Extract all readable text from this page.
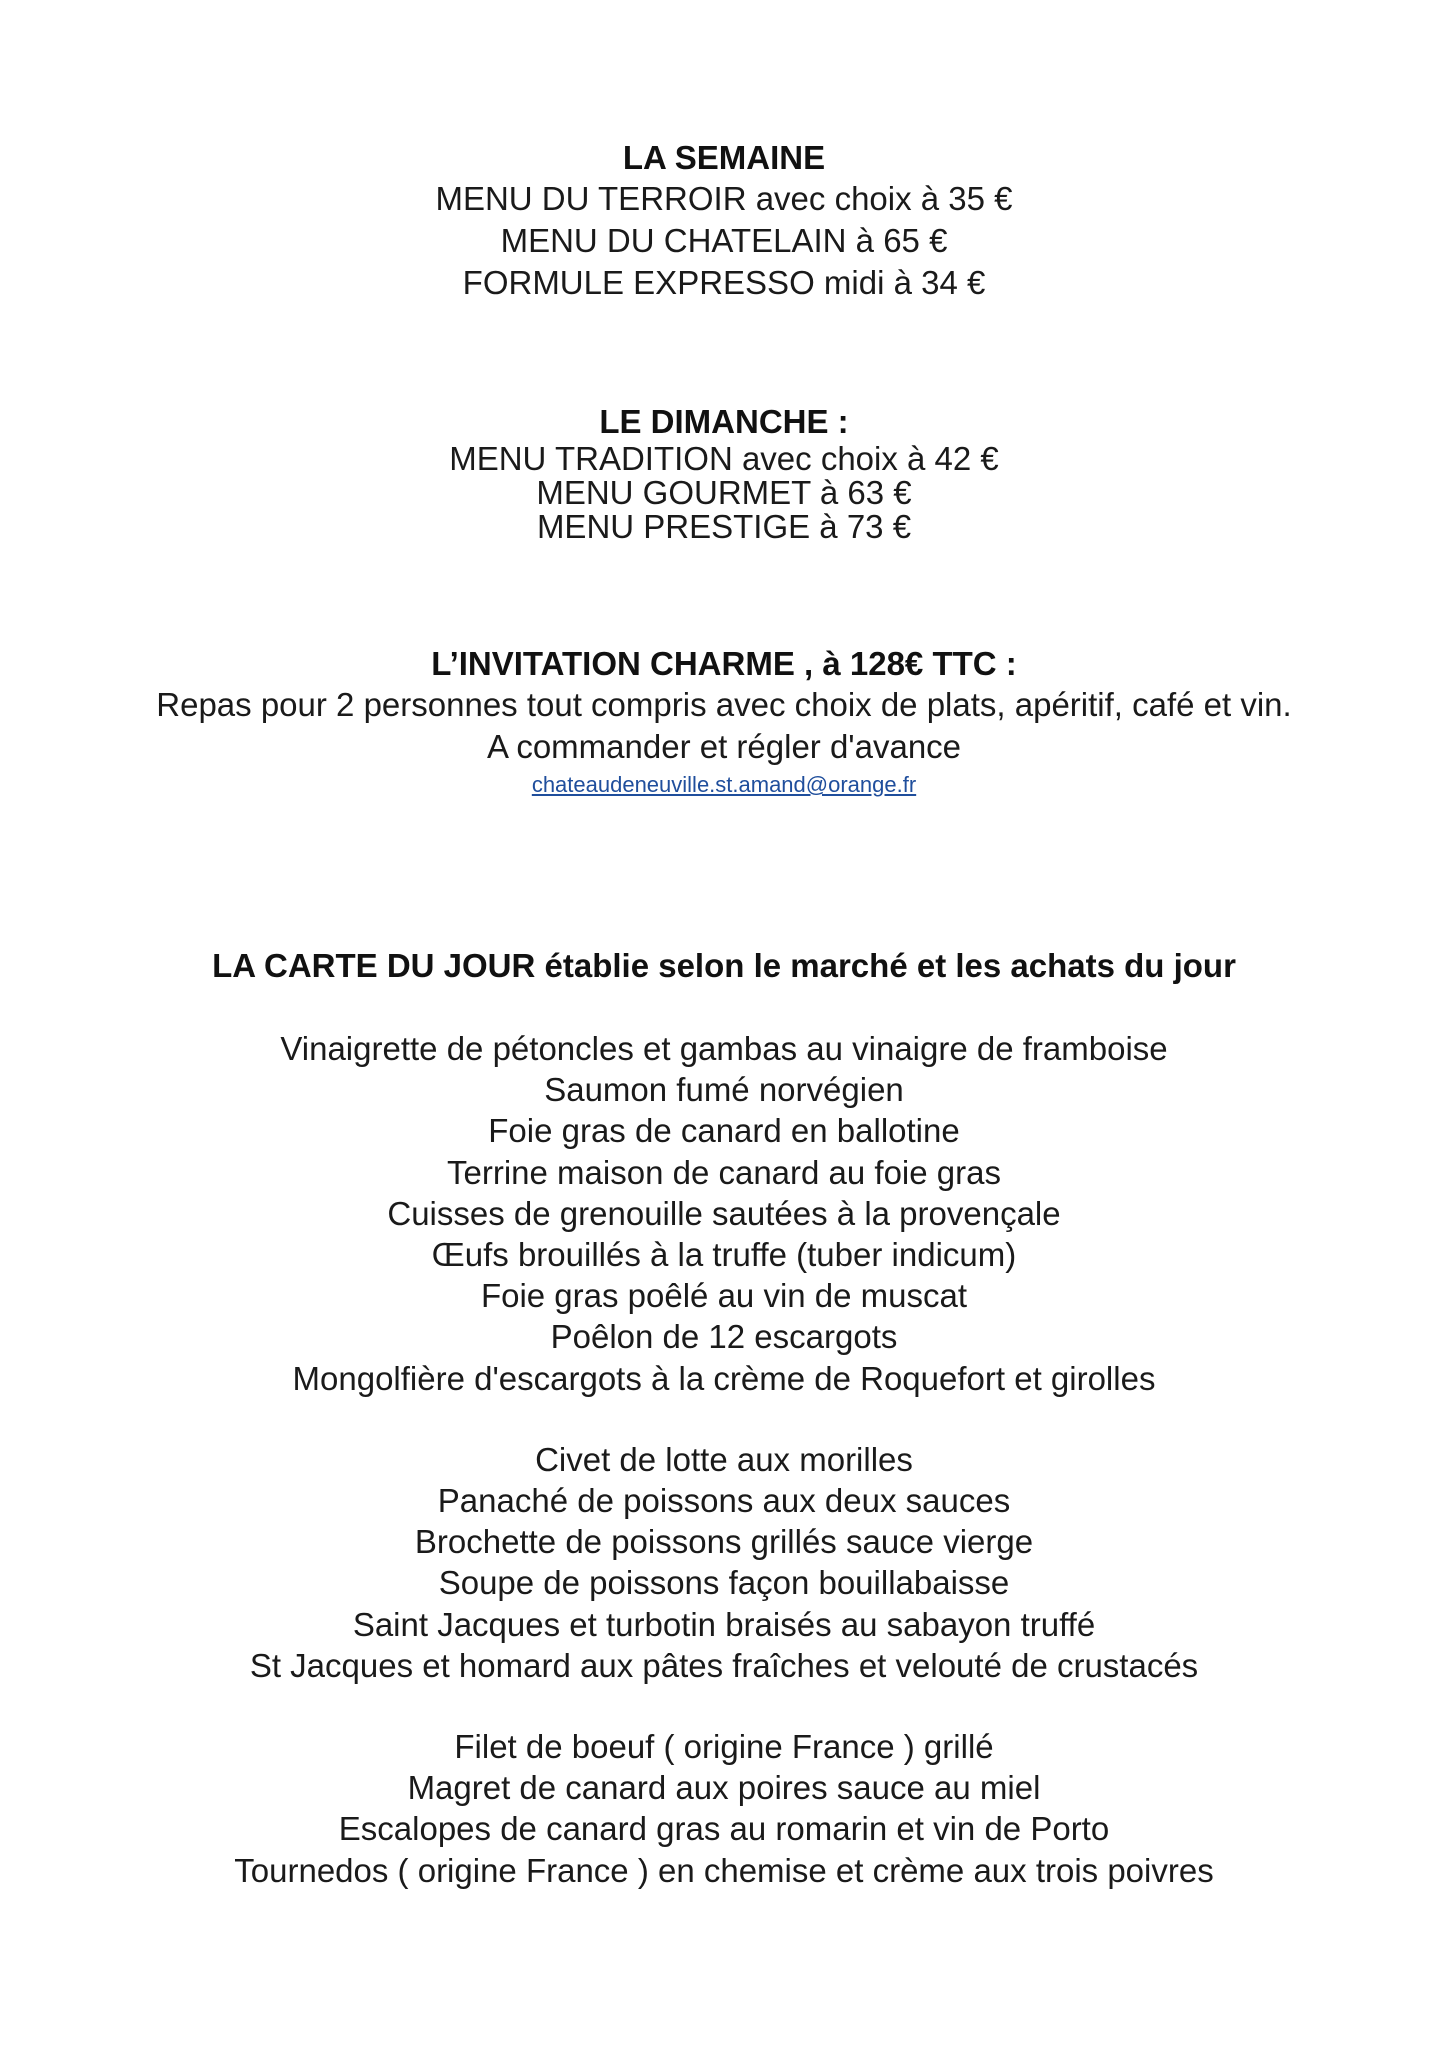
LA SEMAINE
MENU DU TERROIR avec choix à 35 €
MENU DU CHATELAIN à 65 €
FORMULE EXPRESSO midi à 34 €
LE DIMANCHE :
MENU TRADITION avec choix à 42 €
MENU GOURMET à 63 €
MENU PRESTIGE à 73 €
L’INVITATION CHARME , à 128€ TTC :
Repas pour 2 personnes tout compris avec choix de plats, apéritif, café et vin.
A commander et régler d'avance
chateaudeneuville.st.amand@orange.fr
LA CARTE DU JOUR établie selon le marché et les achats du jour
Vinaigrette de pétoncles et gambas au vinaigre de framboise
Saumon fumé norvégien
Foie gras de canard en ballotine
Terrine maison de canard au foie gras
Cuisses de grenouille sautées à la provençale
Œufs brouillés à la truffe (tuber indicum)
Foie gras poêlé au vin de muscat
Poêlon de 12 escargots
Mongolfière d'escargots à la crème de Roquefort et girolles
Civet de lotte aux morilles
Panaché de poissons aux deux sauces
Brochette de poissons grillés sauce vierge
Soupe de poissons façon bouillabaisse
Saint Jacques et turbotin braisés au sabayon truffé
St Jacques et homard aux pâtes fraîches et velouté de crustacés
Filet de boeuf ( origine France ) grillé
Magret de canard aux poires sauce au miel
Escalopes de canard gras au romarin et vin de Porto
Tournedos ( origine France ) en chemise et crème aux trois poivres
